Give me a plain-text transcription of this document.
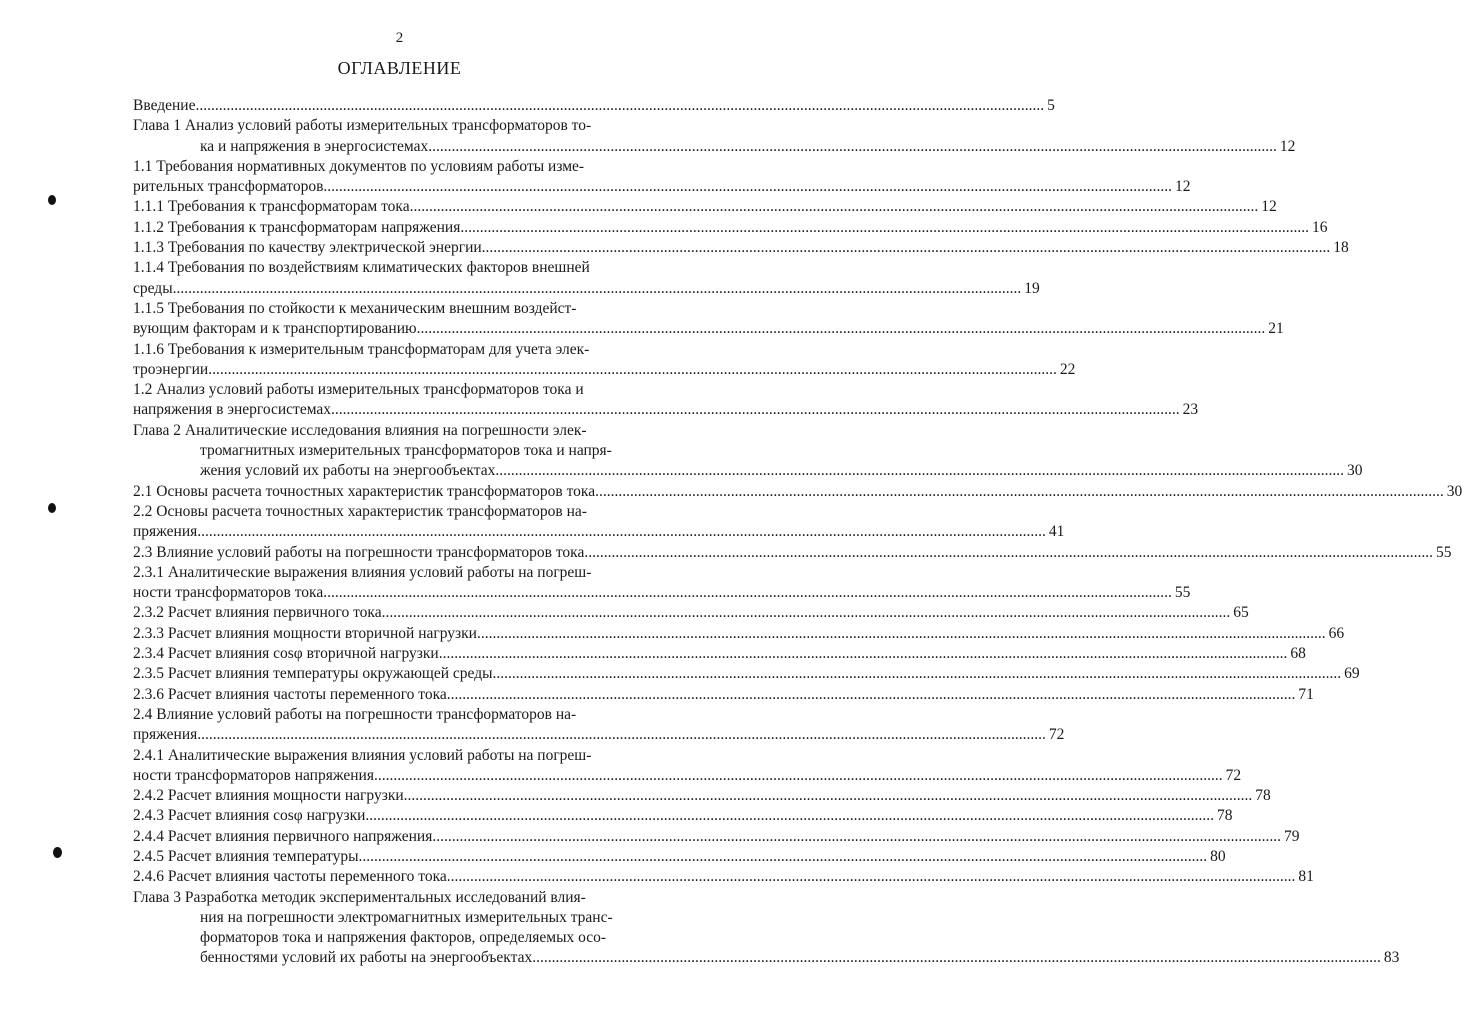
2
ОГЛАВЛЕНИЕ
Введение .....	5
Глава 1 Анализ условий работы измерительных трансформаторов то-
ка и напряжения в энергосистемах .....	12
1.1 Требования нормативных документов по условиям работы изме-
рительных трансформаторов .....	12
1.1.1 Требования к трансформаторам тока .....	12
1.1.2 Требования к трансформаторам напряжения .....	16
1.1.3 Требования по качеству электрической энергии .....	18
1.1.4 Требования по воздействиям климатических факторов внешней
среды .....	19
1.1.5 Требования по стойкости к механическим внешним воздейст-
вующим факторам и к транспортированию .....	21
1.1.6 Требования к измерительным трансформаторам для учета элек-
троэнергии .....	22
1.2 Анализ условий работы измерительных трансформаторов тока и
напряжения в энергосистемах .....	23
Глава 2 Аналитические исследования влияния на погрешности элек-
тромагнитных измерительных трансформаторов тока и напря-
жения условий их работы на энергообъектах .....	30
2.1 Основы расчета точностных характеристик трансформаторов тока .....	30
2.2 Основы расчета точностных характеристик трансформаторов на-
пряжения .....	41
2.3 Влияние условий работы на погрешности трансформаторов тока .....	55
2.3.1 Аналитические выражения влияния условий работы на погреш-
ности трансформаторов тока .....	55
2.3.2 Расчет влияния первичного тока .....	65
2.3.3 Расчет влияния мощности вторичной нагрузки .....	66
2.3.4 Расчет влияния cosφ вторичной нагрузки .....	68
2.3.5 Расчет влияния температуры окружающей среды .....	69
2.3.6 Расчет влияния частоты переменного тока .....	71
2.4 Влияние условий работы на погрешности трансформаторов на-
пряжения .....	72
2.4.1 Аналитические выражения влияния условий работы на погреш-
ности трансформаторов напряжения .....	72
2.4.2 Расчет влияния мощности нагрузки .....	78
2.4.3 Расчет влияния cosφ нагрузки .....	78
2.4.4 Расчет влияния первичного напряжения .....	79
2.4.5 Расчет влияния температуры .....	80
2.4.6 Расчет влияния частоты переменного тока .....	81
Глава 3 Разработка методик экспериментальных исследований влия-
ния на погрешности электромагнитных измерительных транс-
форматоров тока и напряжения факторов, определяемых осо-
бенностями условий их работы на энергообъектах .....	83
